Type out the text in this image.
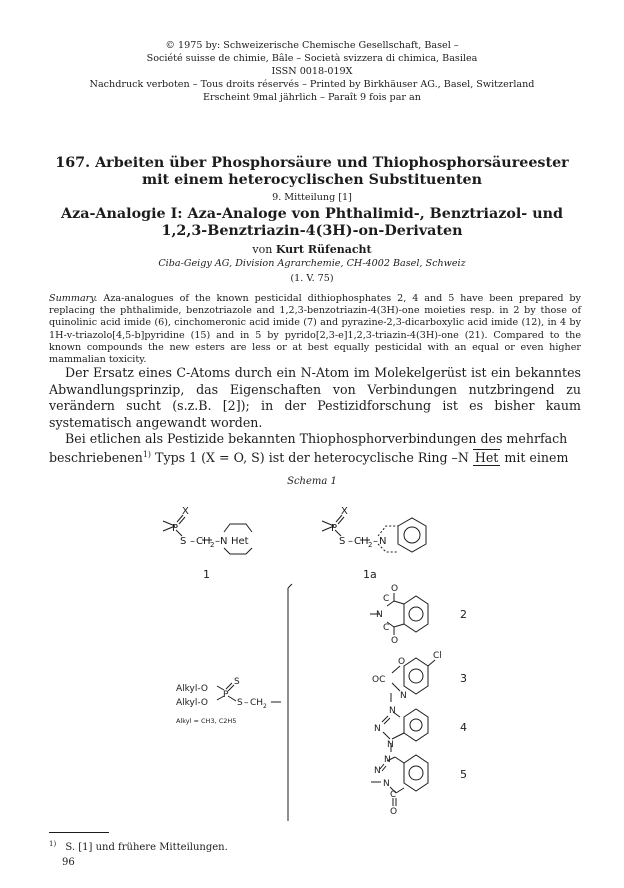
© 1975 by: Schweizerische Chemische Gesellschaft, Basel –
Société suisse de chimie, Bâle – Società svizzera di chimica, Basilea
ISSN 0018-019X
Nachdruck verboten – Tous droits réservés – Printed by Birkhäuser AG., Basel, Switzerland
Erscheint 9mal jährlich – Paraît 9 fois par an
167. Arbeiten über Phosphorsäure und Thiophosphorsäureester
mit einem heterocyclischen Substituenten
9. Mitteilung [1]
Aza-Analogie I: Aza-Analoge von Phthalimid-, Benztriazol- und
1,2,3-Benztriazin-4(3H)-on-Derivaten
von Kurt Rüfenacht
Ciba-Geigy AG, Division Agrarchemie, CH-4002 Basel, Schweiz
(1. V. 75)
Summary. Aza-analogues of the known pesticidal dithiophosphates 2, 4 and 5 have been prepared by replacing the phthalimide, benzotriazole and 1,2,3-benzotriazin-4(3H)-one moieties resp. in 2 by those of quinolinic acid imide (6), cinchomeronic acid imide (7) and pyrazine-2,3-dicarboxylic acid imide (12), in 4 by 1H-v-triazolo[4,5-b]pyridine (15) and in 5 by pyrido[2,3-e]1,2,3-triazin-4(3H)-one (21). Compared to the known compounds the new esters are less or at best equally pesticidal with an equal or even higher mammalian toxicity.
Der Ersatz eines C-Atoms durch ein N-Atom im Molekelgerüst ist ein bekanntes Abwandlungsprinzip, das Eigenschaften von Verbindungen nutzbringend zu verändern sucht (s.z.B. [2]); in der Pestizidforschung ist es bisher kaum systematisch angewandt worden.
Bei etlichen als Pestizide bekannten Thiophosphorverbindungen des mehrfach
beschriebenen$^{1)}$ Typs 1 (X = O, S) ist der heterocyclische Ring –N Het mit einem
Schema 1
X
P
S – CH 2 – N Het
1
X
P
S – CH 2 – N
1a
O
C
N
C
O
2
O
OC
N
Cl
3
N
N
N
4
N
N
N
C
O
5
Alkyl-O
Alkyl-O
P
S
S – CH 2
Alkyl = CH3, C2H5
$^{1)}$ S. [1] und frühere Mitteilungen.
96
